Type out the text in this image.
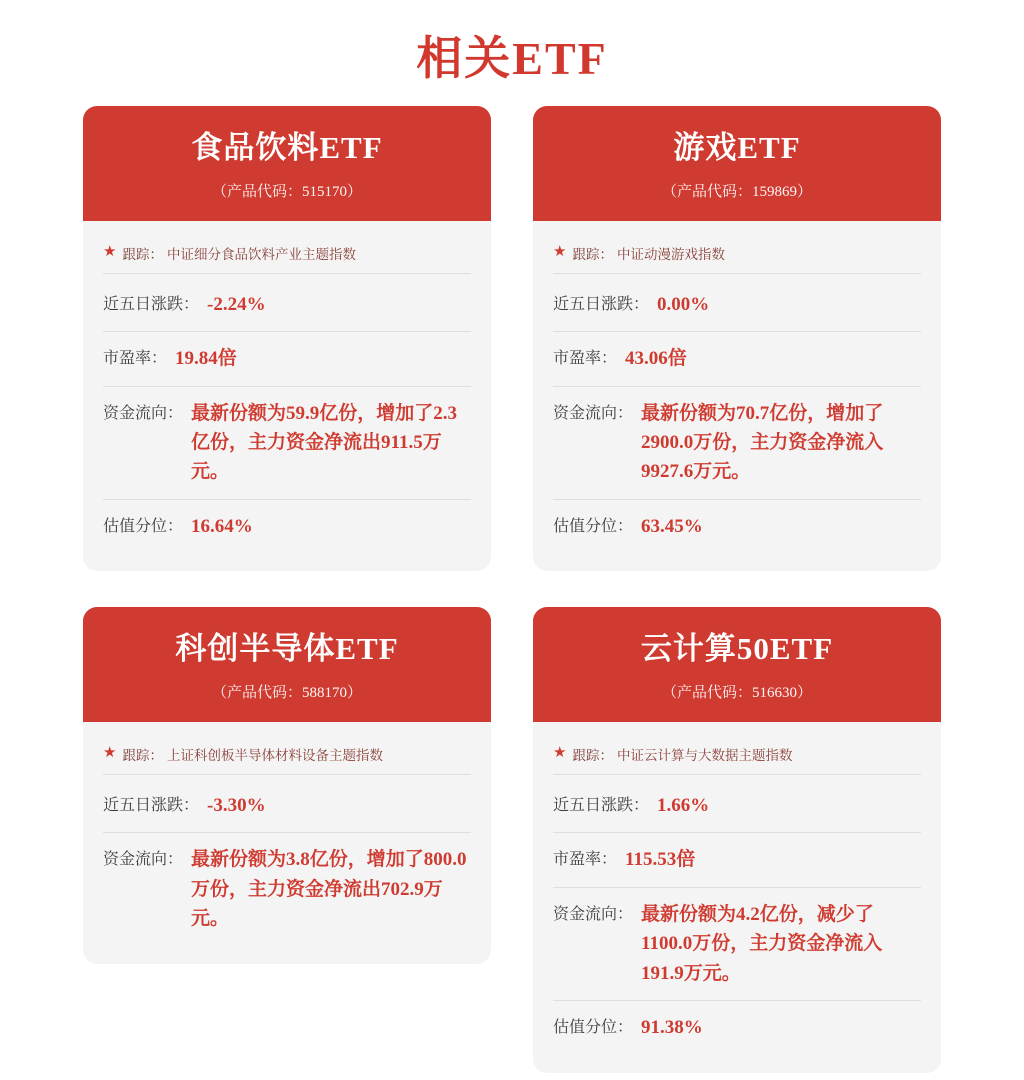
相关ETF
食品饮料ETF
（产品代码：515170）
★ 跟踪： 中证细分食品饮料产业主题指数
近五日涨跌： -2.24%
市盈率： 19.84倍
资金流向： 最新份额为59.9亿份，增加了2.3亿份，主力资金净流出911.5万元。
估值分位： 16.64%
游戏ETF
（产品代码：159869）
★ 跟踪： 中证动漫游戏指数
近五日涨跌： 0.00%
市盈率： 43.06倍
资金流向： 最新份额为70.7亿份，增加了2900.0万份，主力资金净流入9927.6万元。
估值分位： 63.45%
科创半导体ETF
（产品代码：588170）
★ 跟踪： 上证科创板半导体材料设备主题指数
近五日涨跌： -3.30%
资金流向： 最新份额为3.8亿份，增加了800.0万份，主力资金净流出702.9万元。
云计算50ETF
（产品代码：516630）
★ 跟踪： 中证云计算与大数据主题指数
近五日涨跌： 1.66%
市盈率： 115.53倍
资金流向： 最新份额为4.2亿份，减少了1100.0万份，主力资金净流入191.9万元。
估值分位： 91.38%
